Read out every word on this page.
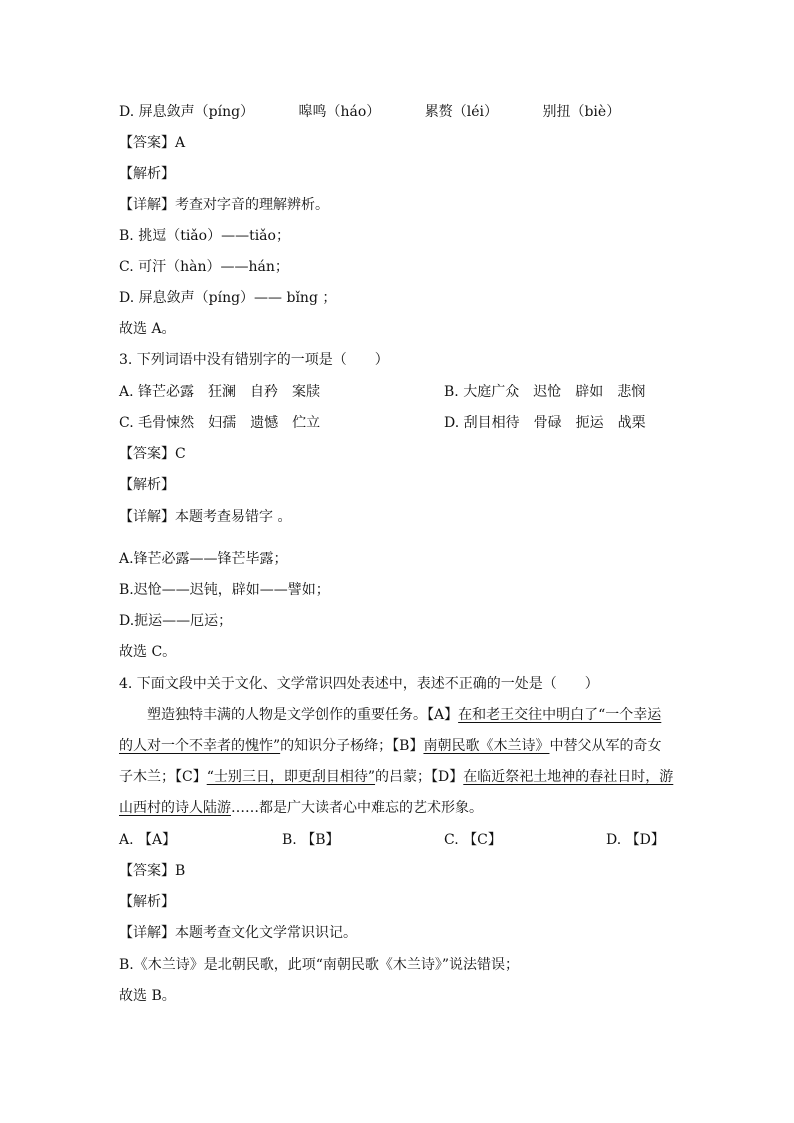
D. 屏息敛声（píng）	嗥鸣（háo）	累赘（léi）	别扭（biè）
【答案】A
【解析】
【详解】考查对字音的理解辨析。
B. 挑逗（tiǎo）——tiǎo；
C. 可汗（hàn）——hán；
D. 屏息敛声（píng）—— bǐng ；
故选 A。
3. 下列词语中没有错别字的一项是（　　）
A. 锋芒必露　狂澜　自矜　案牍	B. 大庭广众　迟怆　辟如　悲悯
C. 毛骨悚然　妇孺　遗憾　伫立	D. 刮目相待　骨碌　扼运　战栗
【答案】C
【解析】
【详解】本题考查易错字 。
A.锋芒必露——锋芒毕露；
B.迟怆——迟钝，辟如——譬如；
D.扼运——厄运；
故选 C。
4. 下面文段中关于文化、文学常识四处表述中，表述不正确的一处是（　　）
塑造独特丰满的人物是文学创作的重要任务。【A】在和老王交往中明白了“一个幸运的人对一个不幸者的愧怍”的知识分子杨绛；【B】南朝民歌《木兰诗》中替父从军的奇女子木兰；【C】“士别三日，即更刮目相待”的吕蒙；【D】在临近祭祀土地神的春社日时，游山西村的诗人陆游……都是广大读者心中难忘的艺术形象。
A. 【A】	B. 【B】	C. 【C】	D. 【D】
【答案】B
【解析】
【详解】本题考查文化文学常识识记。
B.《木兰诗》是北朝民歌，此项“南朝民歌《木兰诗》”说法错误；
故选 B。
